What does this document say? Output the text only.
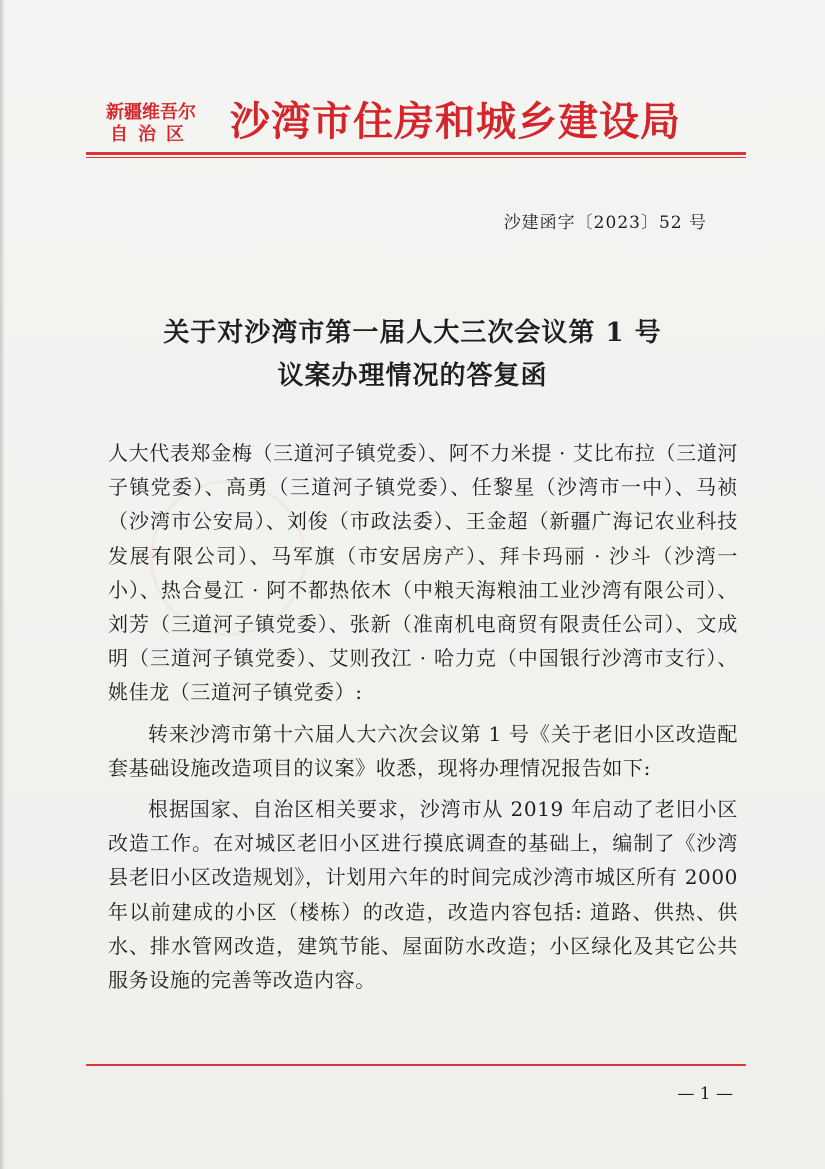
新疆维吾尔
自治区 沙湾市住房和城乡建设局
沙建函字〔2023〕52 号
关于对沙湾市第一届人大三次会议第 1 号
议案办理情况的答复函

人大代表郑金梅（三道河子镇党委）、阿不力米提 · 艾比布拉（三道河子镇党委）、高勇（三道河子镇党委）、任黎星（沙湾市一中）、马祯（沙湾市公安局）、刘俊（市政法委）、王金超（新疆广海记农业科技发展有限公司）、马军旗（市安居房产）、拜卡玛丽 · 沙斗（沙湾一小）、热合曼江 · 阿不都热依木（中粮天海粮油工业沙湾有限公司）、刘芳（三道河子镇党委）、张新（准南机电商贸有限责任公司）、文成明（三道河子镇党委）、艾则孜江 · 哈力克（中国银行沙湾市支行）、姚佳龙（三道河子镇党委）:

转来沙湾市第十六届人大六次会议第 1 号《关于老旧小区改造配套基础设施改造项目的议案》收悉，现将办理情况报告如下:

根据国家、自治区相关要求，沙湾市从 2019 年启动了老旧小区改造工作。在对城区老旧小区进行摸底调查的基础上，编制了《沙湾县老旧小区改造规划》，计划用六年的时间完成沙湾市城区所有 2000 年以前建成的小区（楼栋）的改造，改造内容包括: 道路、供热、供水、排水管网改造，建筑节能、屋面防水改造；小区绿化及其它公共服务设施的完善等改造内容。

— 1 —
